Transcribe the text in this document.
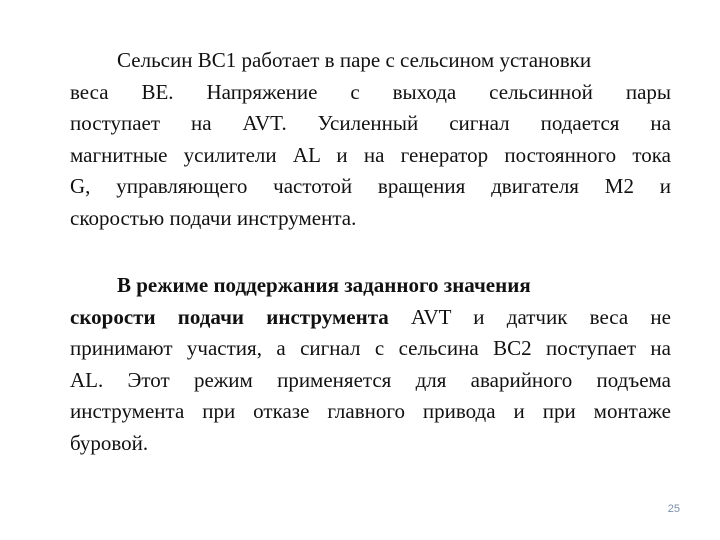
Сельсин ВС1 работает в паре с сельсином установки
веса ВЕ. Напряжение с выхода сельсинной пары
поступает на AVT. Усиленный сигнал подается на
магнитные усилители AL и на генератор постоянного тока
G, управляющего частотой вращения двигателя М2 и
скоростью подачи инструмента.
В режиме поддержания заданного значения
скорости подачи инструмента AVT и датчик веса не
принимают участия, а сигнал с сельсина ВС2 поступает на
AL. Этот режим применяется для аварийного подъема
инструмента при отказе главного привода и при монтаже
буровой.
25
